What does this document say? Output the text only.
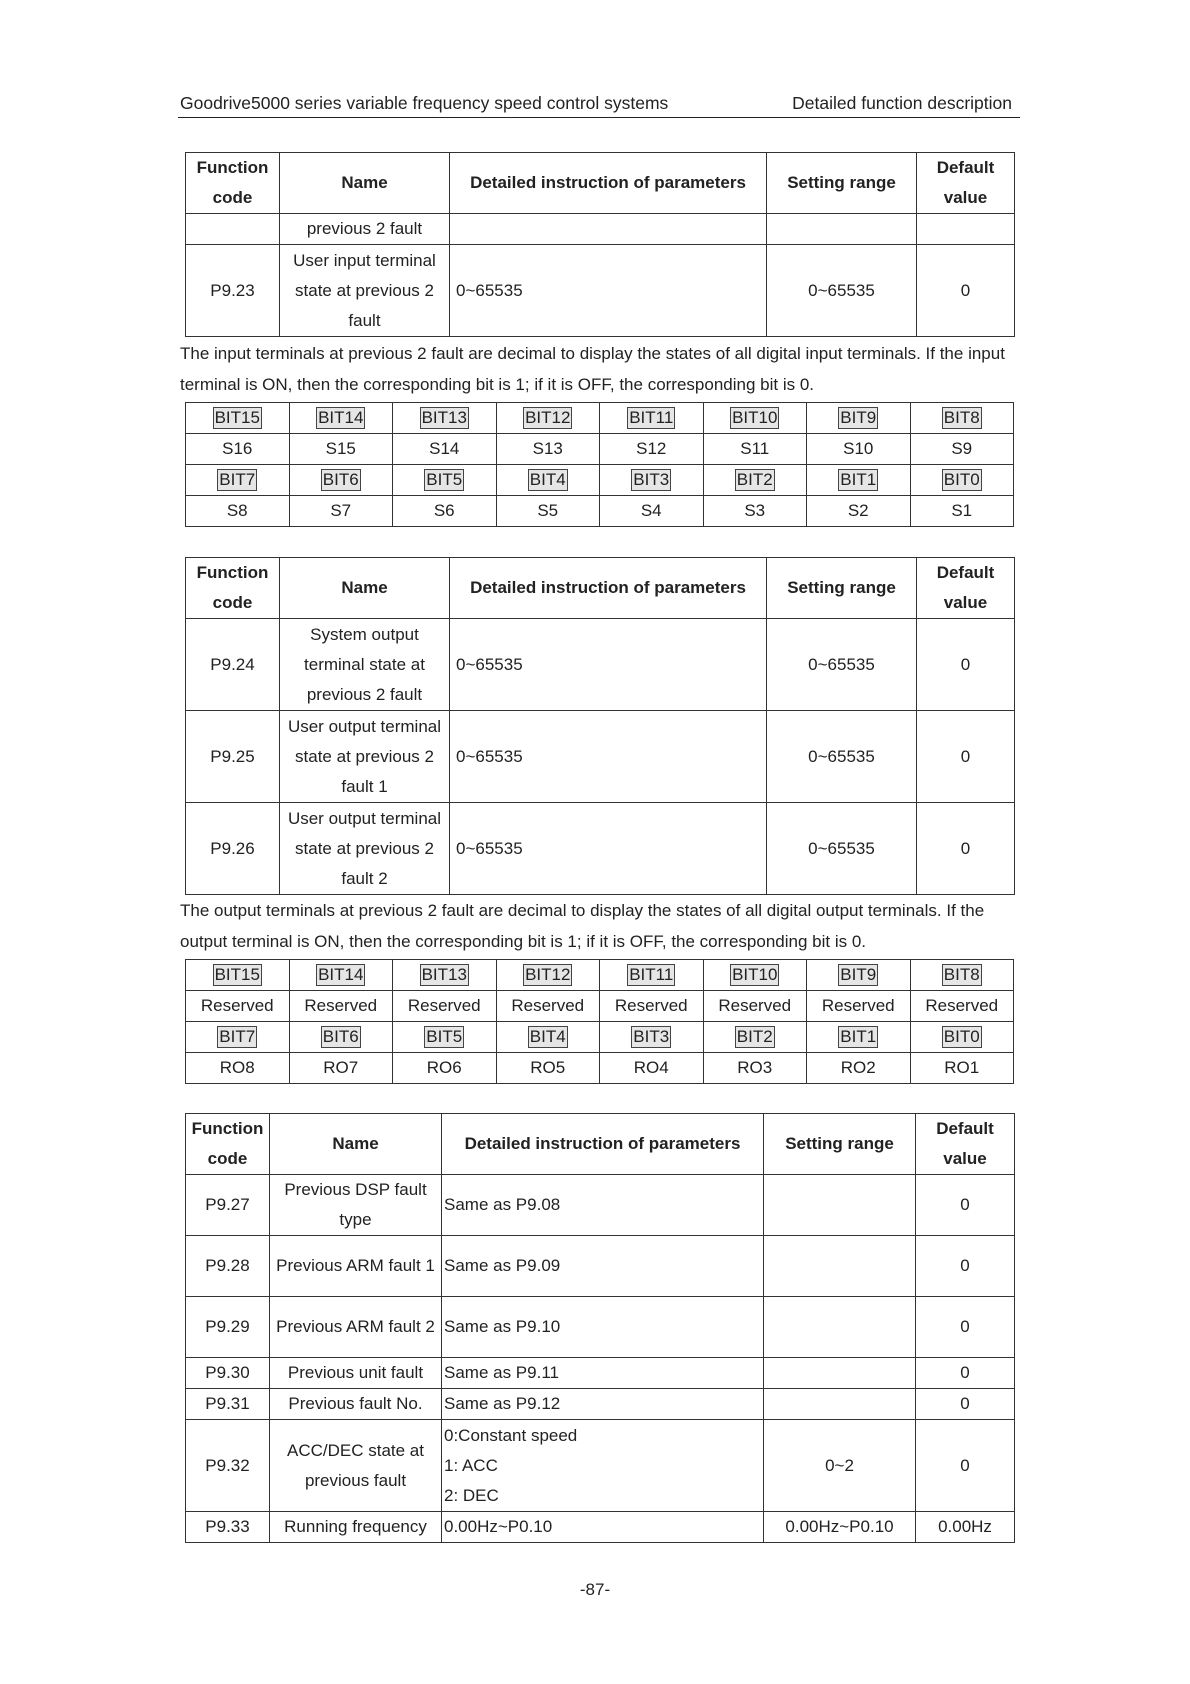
Goodrive5000 series variable frequency speed control systems	Detailed function description
Function code	Name	Detailed instruction of parameters	Setting range	Default value
	previous 2 fault			
P9.23	User input terminal state at previous 2 fault	0~65535	0~65535	0
The input terminals at previous 2 fault are decimal to display the states of all digital input terminals. If the input terminal is ON, then the corresponding bit is 1; if it is OFF, the corresponding bit is 0.
BIT15	BIT14	BIT13	BIT12	BIT11	BIT10	BIT9	BIT8
S16	S15	S14	S13	S12	S11	S10	S9
BIT7	BIT6	BIT5	BIT4	BIT3	BIT2	BIT1	BIT0
S8	S7	S6	S5	S4	S3	S2	S1
Function code	Name	Detailed instruction of parameters	Setting range	Default value
P9.24	System output terminal state at previous 2 fault	0~65535	0~65535	0
P9.25	User output terminal state at previous 2 fault 1	0~65535	0~65535	0
P9.26	User output terminal state at previous 2 fault 2	0~65535	0~65535	0
The output terminals at previous 2 fault are decimal to display the states of all digital output terminals. If the output terminal is ON, then the corresponding bit is 1; if it is OFF, the corresponding bit is 0.
BIT15	BIT14	BIT13	BIT12	BIT11	BIT10	BIT9	BIT8
Reserved	Reserved	Reserved	Reserved	Reserved	Reserved	Reserved	Reserved
BIT7	BIT6	BIT5	BIT4	BIT3	BIT2	BIT1	BIT0
RO8	RO7	RO6	RO5	RO4	RO3	RO2	RO1
Function code	Name	Detailed instruction of parameters	Setting range	Default value
P9.27	Previous DSP fault type	Same as P9.08		0
P9.28	Previous ARM fault 1	Same as P9.09		0
P9.29	Previous ARM fault 2	Same as P9.10		0
P9.30	Previous unit fault	Same as P9.11		0
P9.31	Previous fault No.	Same as P9.12		0
P9.32	ACC/DEC state at previous fault	0:Constant speed
1: ACC
2: DEC	0~2	0
P9.33	Running frequency	0.00Hz~P0.10	0.00Hz~P0.10	0.00Hz
-87-
